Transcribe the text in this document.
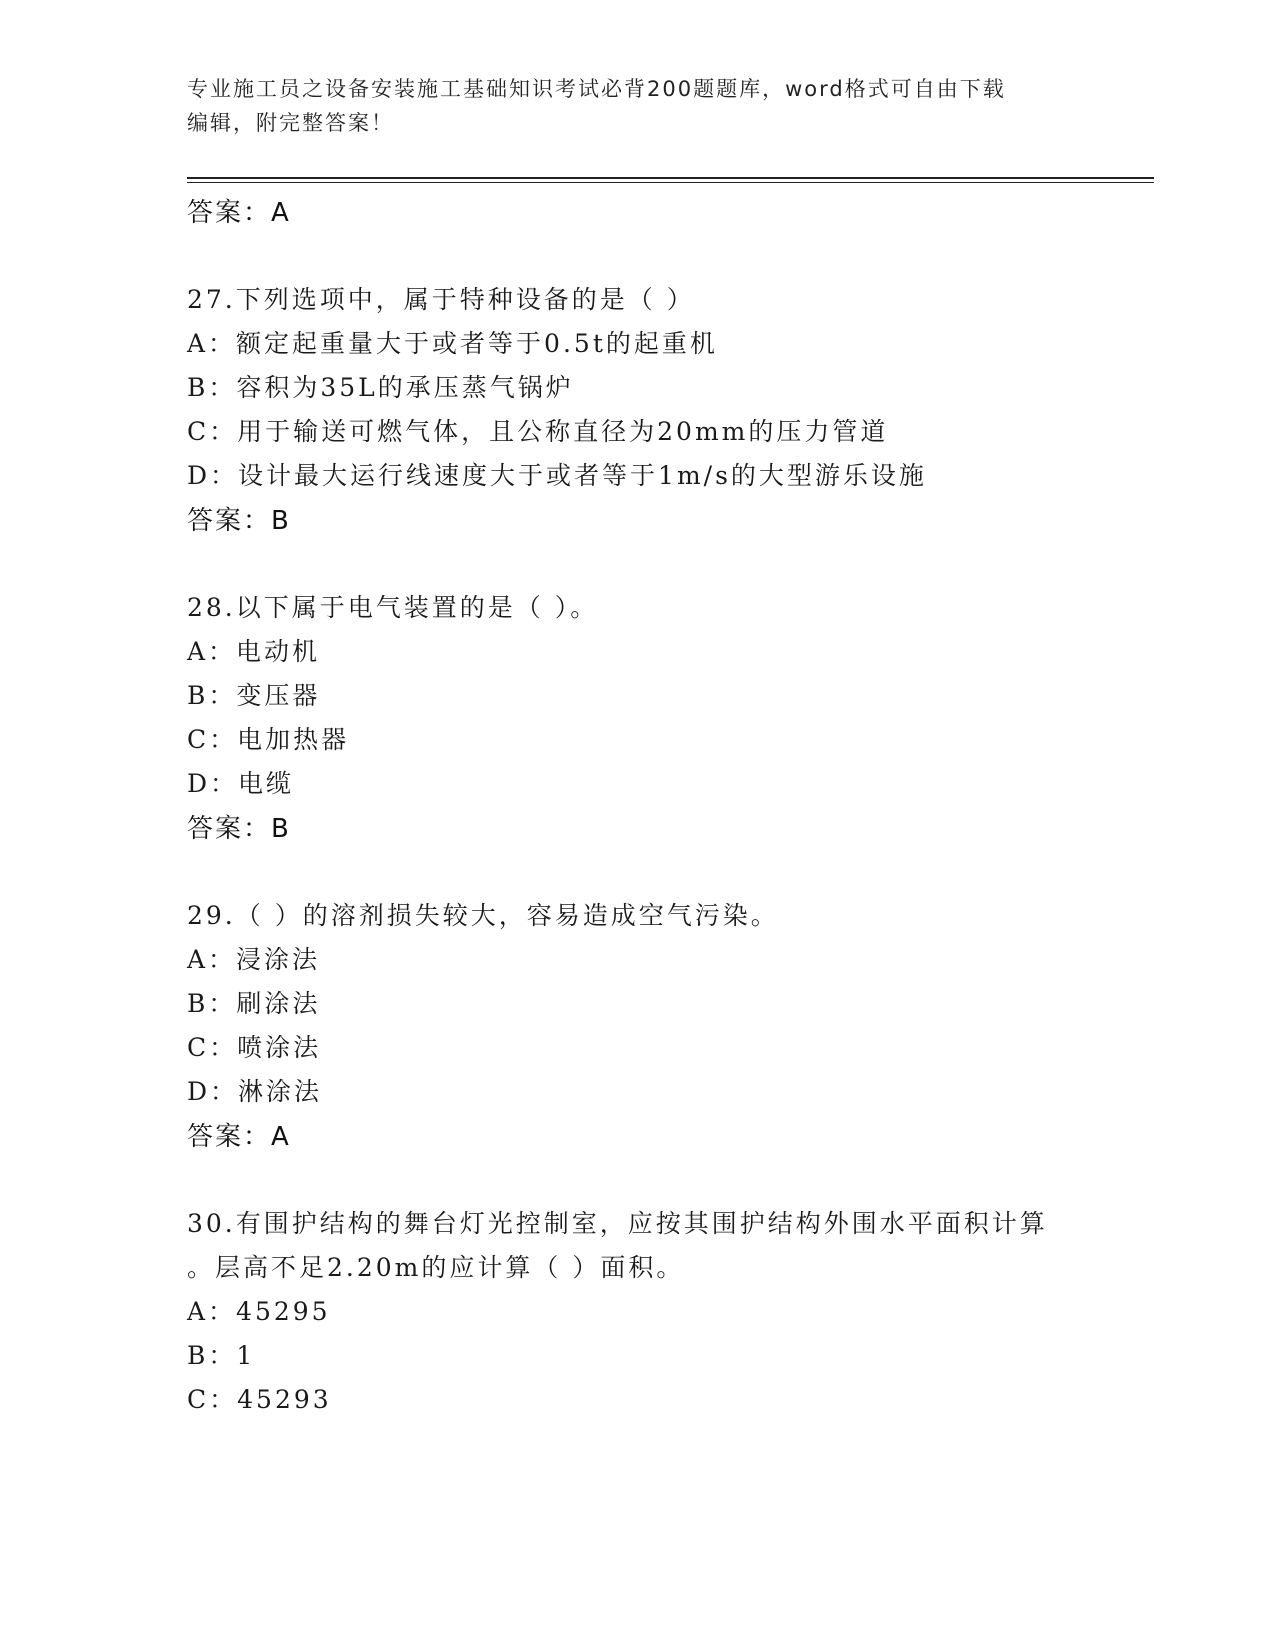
专业施工员之设备安装施工基础知识考试必背200题题库，word格式可自由下载
编辑，附完整答案！
答案：A
27.下列选项中，属于特种设备的是（ ）
A：额定起重量大于或者等于0.5t的起重机
B：容积为35L的承压蒸气锅炉
C：用于输送可燃气体，且公称直径为20mm的压力管道
D：设计最大运行线速度大于或者等于1m/s的大型游乐设施
答案：B
28.以下属于电气装置的是（ ）。
A：电动机
B：变压器
C：电加热器
D：电缆
答案：B
29.（ ）的溶剂损失较大，容易造成空气污染。
A：浸涂法
B：刷涂法
C：喷涂法
D：淋涂法
答案：A
30.有围护结构的舞台灯光控制室，应按其围护结构外围水平面积计算
。层高不足2.20m的应计算（ ）面积。
A：45295
B：1
C：45293
